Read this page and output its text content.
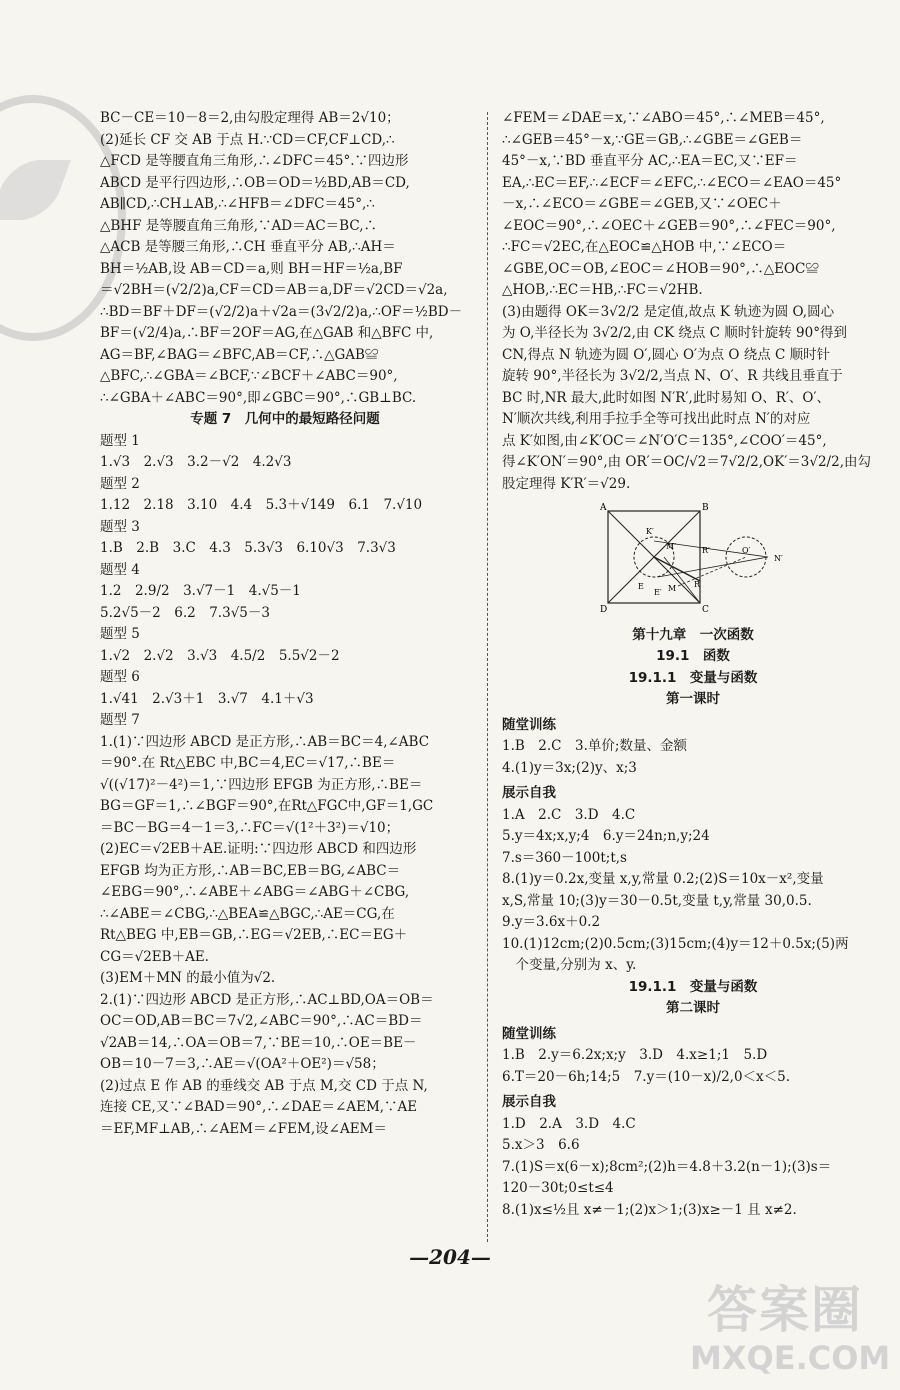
BC－CE＝10－8＝2,由勾股定理得 AB＝2√10；
(2)延长 CF 交 AB 于点 H.∵CD＝CF,CF⊥CD,∴
△FCD 是等腰直角三角形,∴∠DFC＝45°.∵四边形
ABCD 是平行四边形,∴OB＝OD＝½BD,AB＝CD,
AB∥CD,∴CH⊥AB,∴∠HFB＝∠DFC＝45°,∴
△BHF 是等腰直角三角形,∵AD＝AC＝BC,∴
△ACB 是等腰三角形,∴CH 垂直平分 AB,∴AH＝
BH＝½AB,设 AB＝CD＝a,则 BH＝HF＝½a,BF
＝√2BH＝(√2/2)a,CF＝CD＝AB＝a,DF＝√2CD＝√2a,
∴BD＝BF＋DF＝(√2/2)a＋√2a＝(3√2/2)a,∴OF＝½BD－
BF＝(√2/4)a,∴BF＝2OF＝AG,在△GAB 和△BFC 中,
AG＝BF,∠BAG＝∠BFC,AB＝CF,∴△GAB≌
△BFC,∴∠GBA＝∠BCF,∵∠BCF＋∠ABC＝90°,
∴∠GBA＋∠ABC＝90°,即∠GBC＝90°,∴GB⊥BC.
专题 7　几何中的最短路径问题
题型 1
1.√3　2.√3　3.2－√2　4.2√3
题型 2
1.12　2.18　3.10　4.4　5.3＋√149　6.1　7.√10
题型 3
1.B　2.B　3.C　4.3　5.3√3　6.10√3　7.3√3
题型 4
1.2　2.9/2　3.√7－1　4.√5－1
5.2√5－2　6.2　7.3√5－3
题型 5
1.√2　2.√2　3.√3　4.5/2　5.5√2－2
题型 6
1.√41　2.√3＋1　3.√7　4.1＋√3
题型 7
1.(1)∵四边形 ABCD 是正方形,∴AB＝BC＝4,∠ABC
＝90°.在 Rt△EBC 中,BC＝4,EC＝√17,∴BE＝
√((√17)²－4²)＝1,∵四边形 EFGB 为正方形,∴BE＝
BG＝GF＝1,∴∠BGF＝90°,在Rt△FGC中,GF＝1,GC
＝BC－BG＝4－1＝3,∴FC＝√(1²＋3²)＝√10；
(2)EC＝√2EB＋AE.证明:∵四边形 ABCD 和四边形
EFGB 均为正方形,∴AB＝BC,EB＝BG,∠ABC＝
∠EBG＝90°,∴∠ABE＋∠ABG＝∠ABG＋∠CBG,
∴∠ABE＝∠CBG,∴△BEA≌△BGC,∴AE＝CG,在
Rt△BEG 中,EB＝GB,∴EG＝√2EB,∴EC＝EG＋
CG＝√2EB＋AE.
(3)EM＋MN 的最小值为√2.
2.(1)∵四边形 ABCD 是正方形,∴AC⊥BD,OA＝OB＝
OC＝OD,AB＝BC＝7√2,∠ABC＝90°,∴AC＝BD＝
√2AB＝14,∴OA＝OB＝7,∵BE＝10,∴OE＝BE－
OB＝10－7＝3,∴AE＝√(OA²＋OE²)＝√58；
(2)过点 E 作 AB 的垂线交 AB 于点 M,交 CD 于点 N,
连接 CE,又∵∠BAD＝90°,∴∠DAE＝∠AEM,∵AE
＝EF,MF⊥AB,∴∠AEM＝∠FEM,设∠AEM＝
∠FEM＝∠DAE＝x,∵∠ABO＝45°,∴∠MEB＝45°,
∴∠GEB＝45°－x,∵GE＝GB,∴∠GBE＝∠GEB＝
45°－x,∵BD 垂直平分 AC,∴EA＝EC,又∵EF＝
EA,∴EC＝EF,∴∠ECF＝∠EFC,∴∠ECO＝∠EAO＝45°
－x,∴∠ECO＝∠GBE＝∠GEB,又∵∠OEC＋
∠EOC＝90°,∴∠OEC＋∠GEB＝90°,∴∠FEC＝90°,
∴FC＝√2EC,在△EOC≌△HOB 中,∵∠ECO＝
∠GBE,OC＝OB,∠EOC＝∠HOB＝90°,∴△EOC≌
△HOB,∴EC＝HB,∴FC＝√2HB.
(3)由题得 OK＝3√2/2 是定值,故点 K 轨迹为圆 O,圆心
为 O,半径长为 3√2/2,由 CK 绕点 C 顺时针旋转 90°得到
CN,得点 N 轨迹为圆 O′,圆心 O′为点 O 绕点 C 顺时针
旋转 90°,半径长为 3√2/2,当点 N、O′、R 共线且垂直于
BC 时,NR 最大,此时如图 N′R′,此时易知 O、R′、O′、
N′顺次共线,利用手拉手全等可找出此时点 N′的对应
点 K′如图,由∠K′OC＝∠N′O′C＝135°,∠COO′＝45°,
得∠K′ON′＝90°,由 OR′＝OC/√2＝7√2/2,OK′＝3√2/2,由勾
股定理得 K′R′＝√29.
A	B
C
D
K′
M′	R′	O′
N′
E
E′ M R
第十九章　一次函数
19.1　函数
19.1.1　变量与函数
第一课时
随堂训练
1.B　2.C　3.单价;数量、金额
4.(1)y＝3x;(2)y、x;3
展示自我
1.A　2.C　3.D　4.C
5.y＝4x;x,y;4　6.y＝24n;n,y;24
7.s＝360－100t;t,s
8.(1)y＝0.2x,变量 x,y,常量 0.2;(2)S＝10x－x²,变量
x,S,常量 10;(3)y＝30－0.5t,变量 t,y,常量 30,0.5.
9.y＝3.6x＋0.2
10.(1)12cm;(2)0.5cm;(3)15cm;(4)y＝12＋0.5x;(5)两
　个变量,分别为 x、y.
19.1.1　变量与函数
第二课时
随堂训练
1.B　2.y＝6.2x;x;y　3.D　4.x≥1;1　5.D
6.T＝20－6h;14;5　7.y＝(10－x)/2,0＜x＜5.
展示自我
1.D　2.A　3.D　4.C
5.x＞3　6.6
7.(1)S＝x(6－x);8cm²;(2)h＝4.8＋3.2(n－1);(3)s＝
120－30t;0≤t≤4
8.(1)x≤½且 x≠－1;(2)x＞1;(3)x≥－1 且 x≠2.
—204—
答案圈
MXQE.COM
